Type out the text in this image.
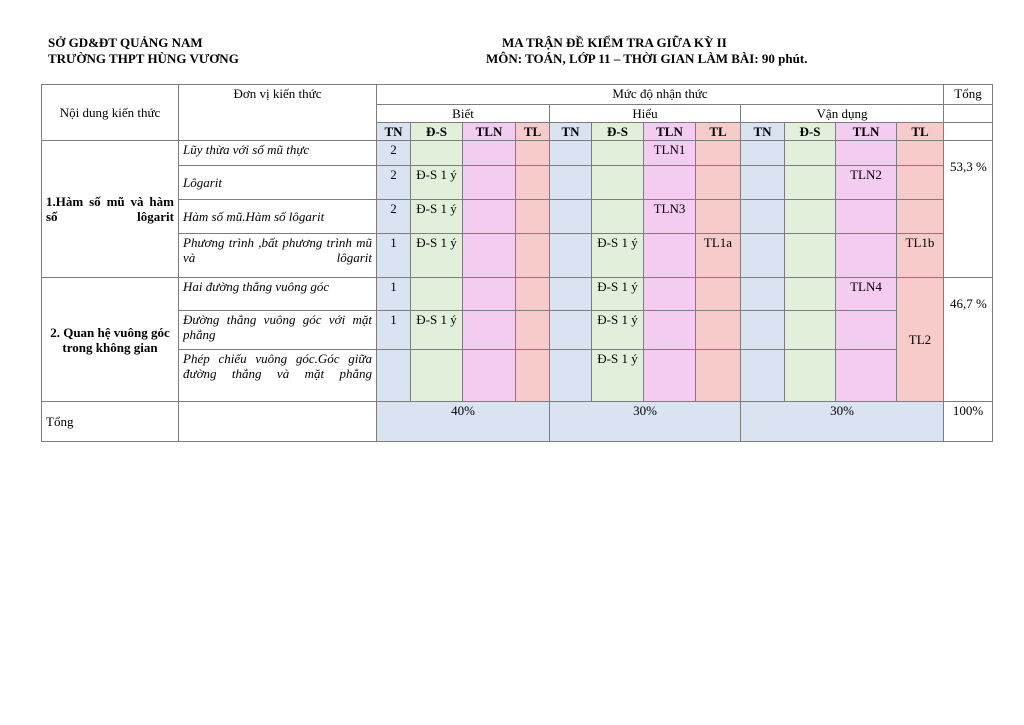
SỞ GD&ĐT QUẢNG NAM
TRƯỜNG THPT HÙNG VƯƠNG
MA TRẬN ĐỀ KIỂM TRA GIỮA KỲ II
MÔN: TOÁN, LỚP 11 – THỜI GIAN LÀM BÀI: 90 phút.
Nội dung kiến thức	Đơn vị kiến thức	Mức độ nhận thức												Tổng
		Biết				Hiểu				Vận dụng				
		TN	Đ-S	TLN	TL	TN	Đ-S	TLN	TL	TN	Đ-S	TLN	TL	
1.Hàm số mũ và hàm số lôgarit	Lũy thừa với số mũ thực	2						TLN1						53,3 %
	Lôgarit	2	Đ-S 1 ý									TLN2		
	Hàm số mũ.Hàm số lôgarit	2	Đ-S 1 ý					TLN3						
	Phương trình ,bất phương trình mũ và lôgarit	1	Đ-S 1 ý				Đ-S 1 ý		TL1a				TL1b	
2. Quan hệ vuông góc trong không gian	Hai đường thẳng vuông góc	1					Đ-S 1 ý					TLN4	TL2	46,7 %
	Đường thẳng vuông góc với mặt phẳng	1	Đ-S 1 ý				Đ-S 1 ý							
	Phép chiếu vuông góc.Góc giữa đường thẳng và mặt phẳng						Đ-S 1 ý							
Tổng		40%				30%				30%				100%
